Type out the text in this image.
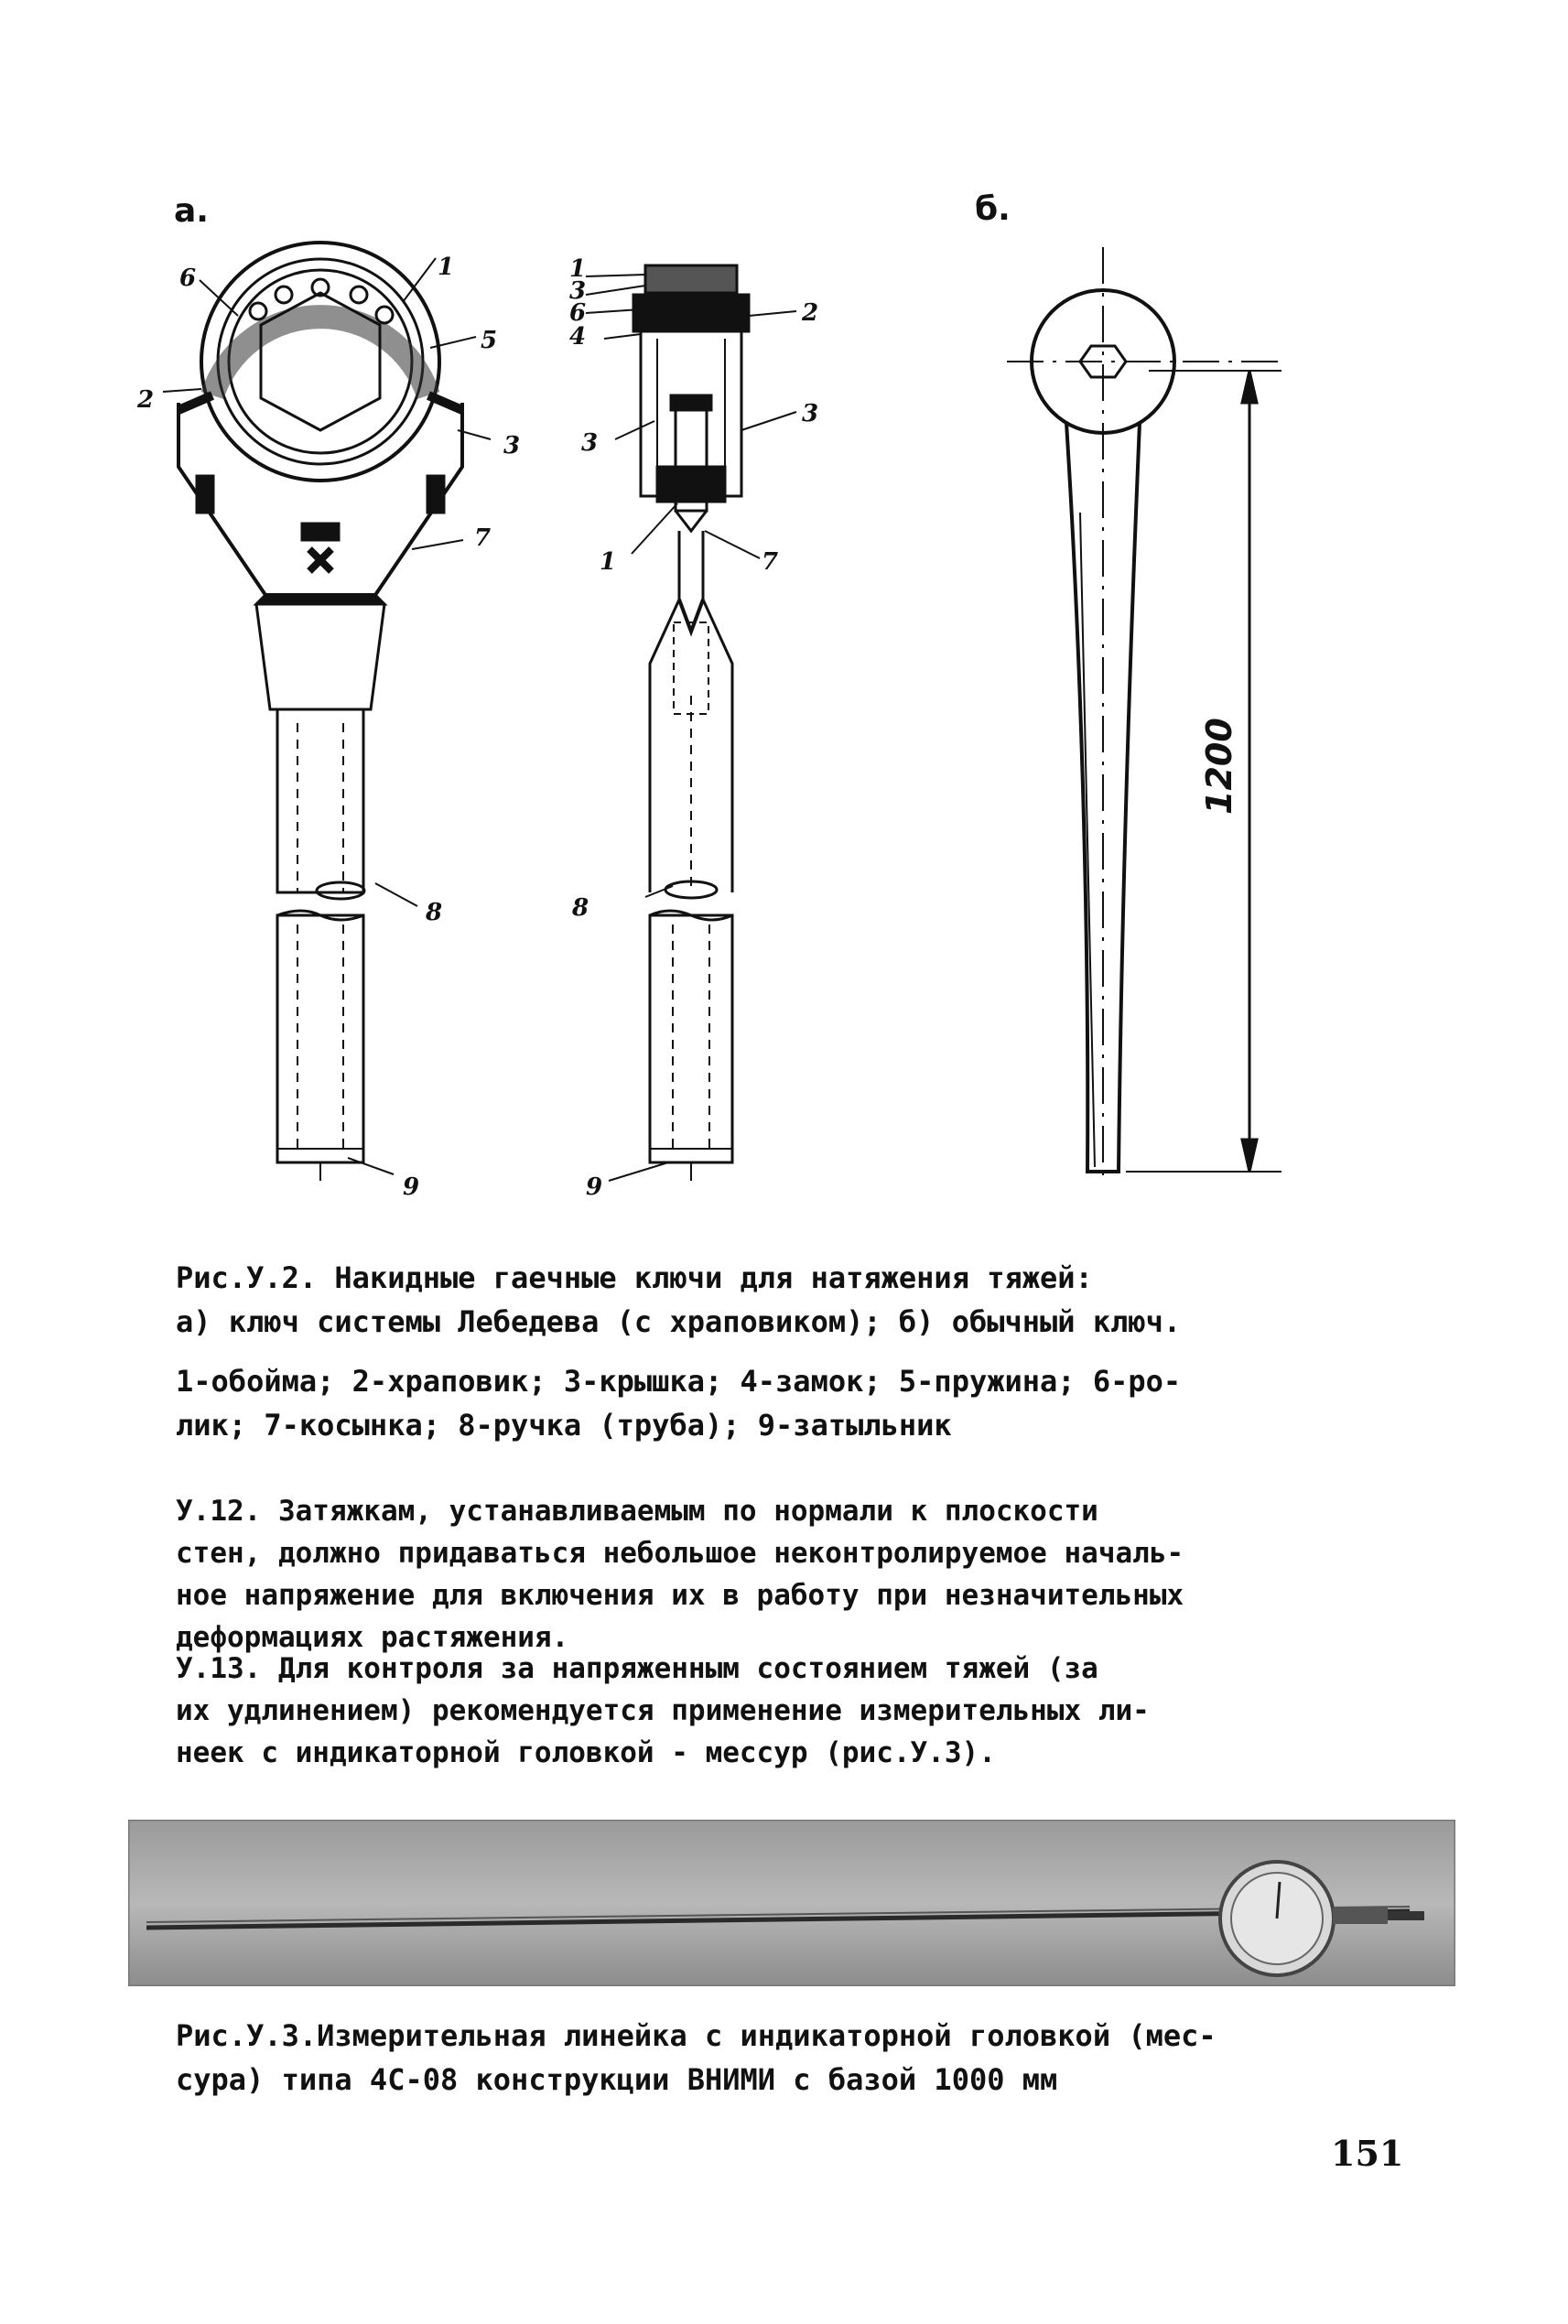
1
2
3
5
6
7
8
9
1
3
6
4
2
3
3
1	7
8
9
1200
а.	б.
Рис.У.2. Накидные гаечные ключи для натяжения тяжей:
а) ключ системы Лебедева (с храповиком); б) обычный ключ.
1-обойма; 2-храповик; 3-крышка; 4-замок; 5-пружина; 6-ро-
лик; 7-косынка; 8-ручка (труба); 9-затыльник
У.12. Затяжкам, устанавливаемым по нормали к плоскости
стен, должно придаваться небольшое неконтролируемое началь-
ное напряжение для включения их в работу при незначительных
деформациях растяжения.
У.13. Для контроля за напряженным состоянием тяжей (за
их удлинением) рекомендуется применение измерительных ли-
неек с индикаторной головкой - мессур (рис.У.3).
Рис.У.3.Измерительная линейка с индикаторной головкой (мес-
сура) типа 4С-08 конструкции ВНИМИ с базой 1000 мм
151
